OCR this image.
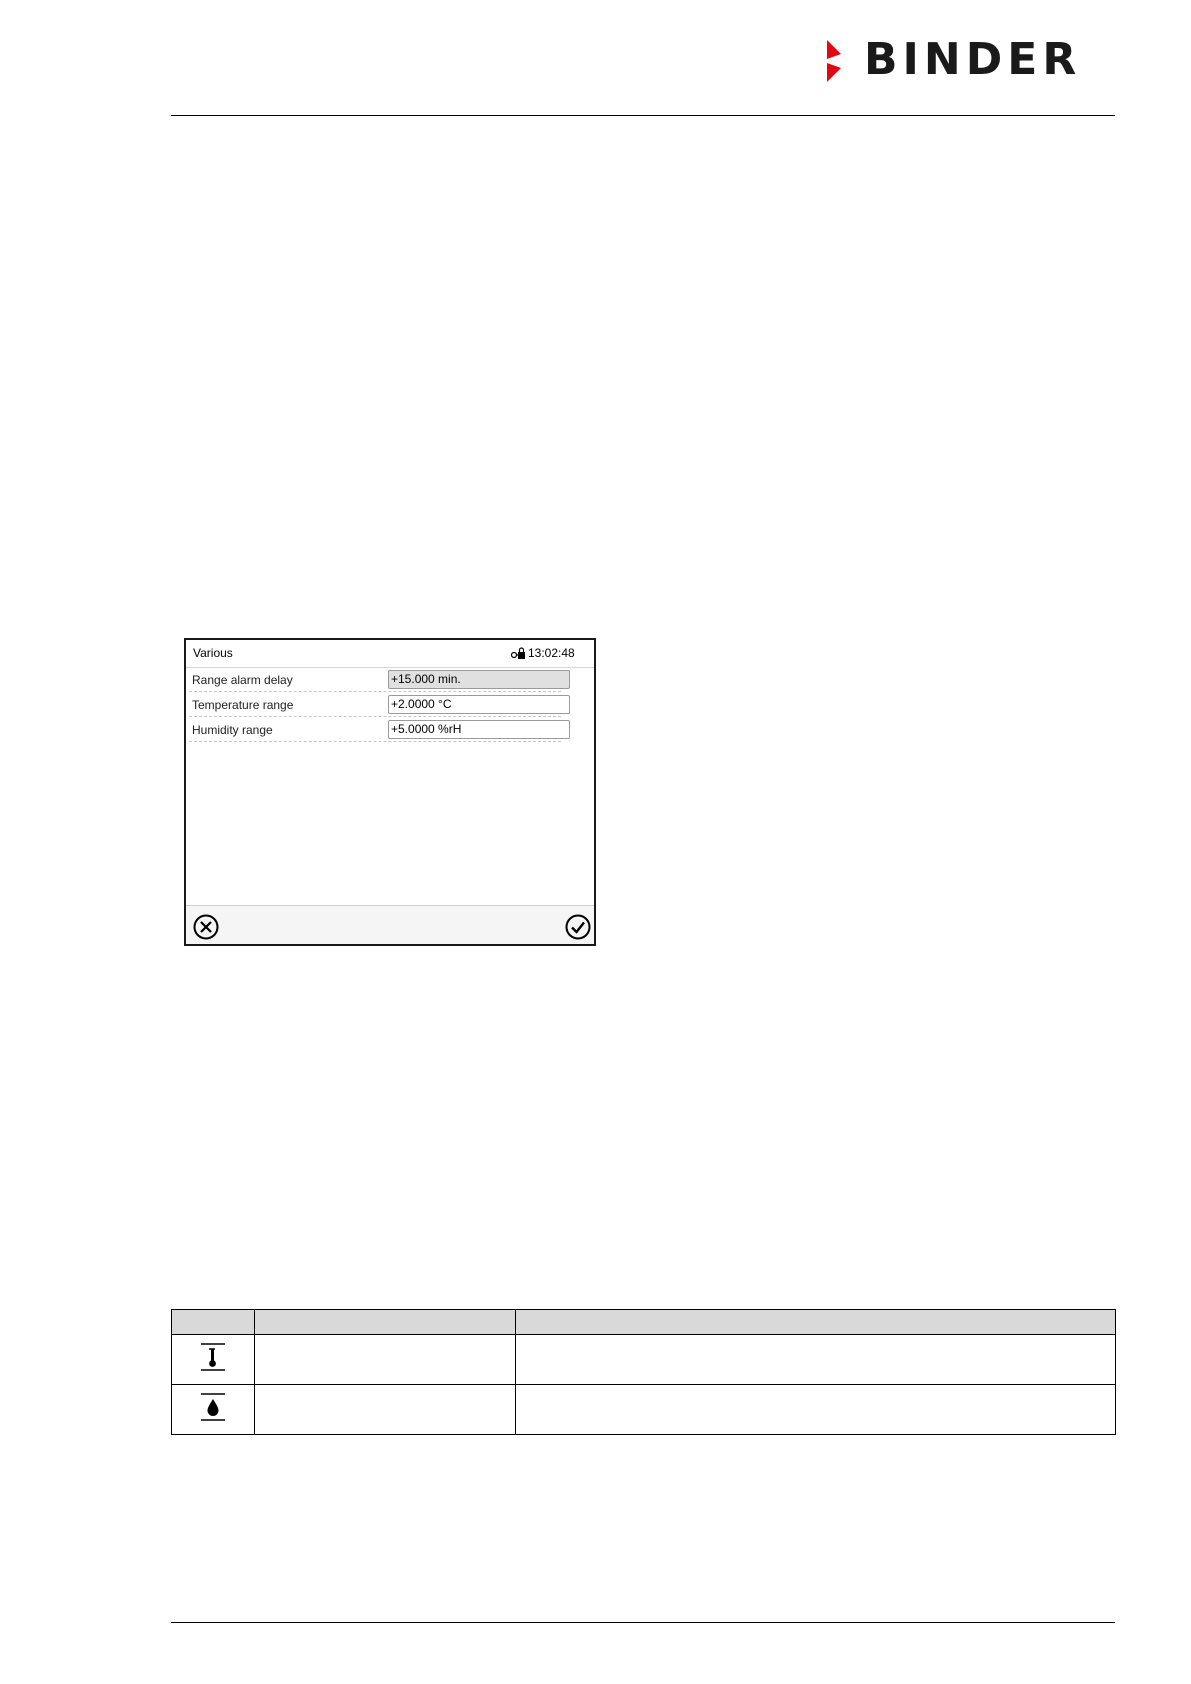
BINDER
Various	13:02:48
Range alarm delay	+15.000 min.
Temperature range	+2.0000 °C
Humidity range	+5.0000 %rH
